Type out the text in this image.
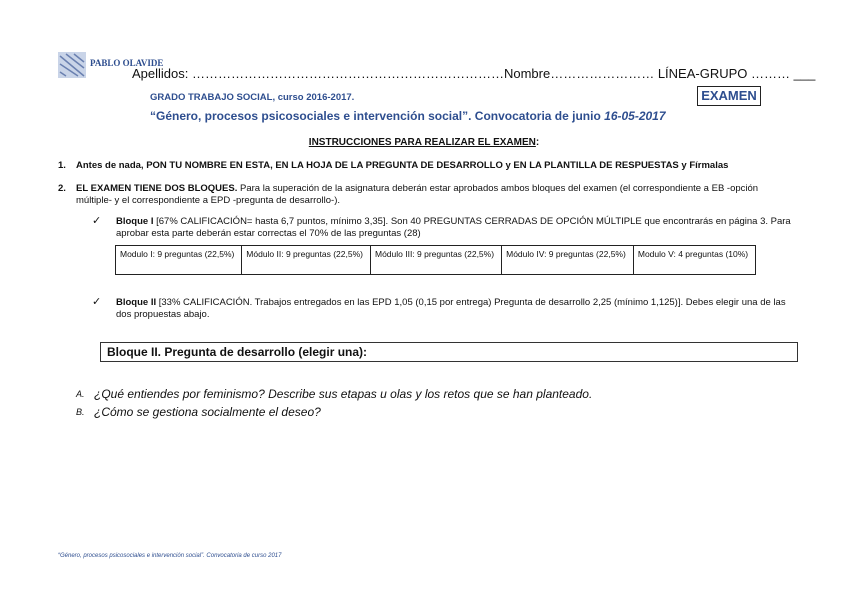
PABLO OLAVIDE
Apellidos: ………………………………………………………………Nombre…………………… LÍNEA-GRUPO ……… ___
GRADO TRABAJO SOCIAL, curso 2016-2017.	EXAMEN
“Género, procesos psicosociales e intervención social”. Convocatoria de junio 16-05-2017
INSTRUCCIONES PARA REALIZAR EL EXAMEN:
1. Antes de nada, PON TU NOMBRE EN ESTA, EN LA HOJA DE LA PREGUNTA DE DESARROLLO y EN LA PLANTILLA DE RESPUESTAS y Fírmalas
2. EL EXAMEN TIENE DOS BLOQUES. Para la superación de la asignatura deberán estar aprobados ambos bloques del examen (el correspondiente a EB -opción múltiple- y el correspondiente a EPD -pregunta de desarrollo-).
✓ Bloque I [67% CALIFICACIÓN= hasta 6,7 puntos, mínimo 3,35]. Son 40 PREGUNTAS CERRADAS DE OPCIÓN MÚLTIPLE que encontrarás en página 3. Para aprobar esta parte deberán estar correctas el 70% de las preguntas (28)
Modulo I: 9 preguntas (22,5%)	Módulo II: 9 preguntas (22,5%)	Módulo III: 9 preguntas (22,5%)	Módulo IV: 9 preguntas (22,5%)	Modulo V: 4 preguntas (10%)
✓ Bloque II [33% CALIFICACIÓN. Trabajos entregados en las EPD 1,05 (0,15 por entrega) Pregunta de desarrollo 2,25 (mínimo 1,125)]. Debes elegir una de las dos propuestas abajo.
Bloque II. Pregunta de desarrollo (elegir una):
A. ¿Qué entiendes por feminismo? Describe sus etapas u olas y los retos que se han planteado.
B. ¿Cómo se gestiona socialmente el deseo?
“Género, procesos psicosociales e intervención social”. Convocatoria de curso 2017
